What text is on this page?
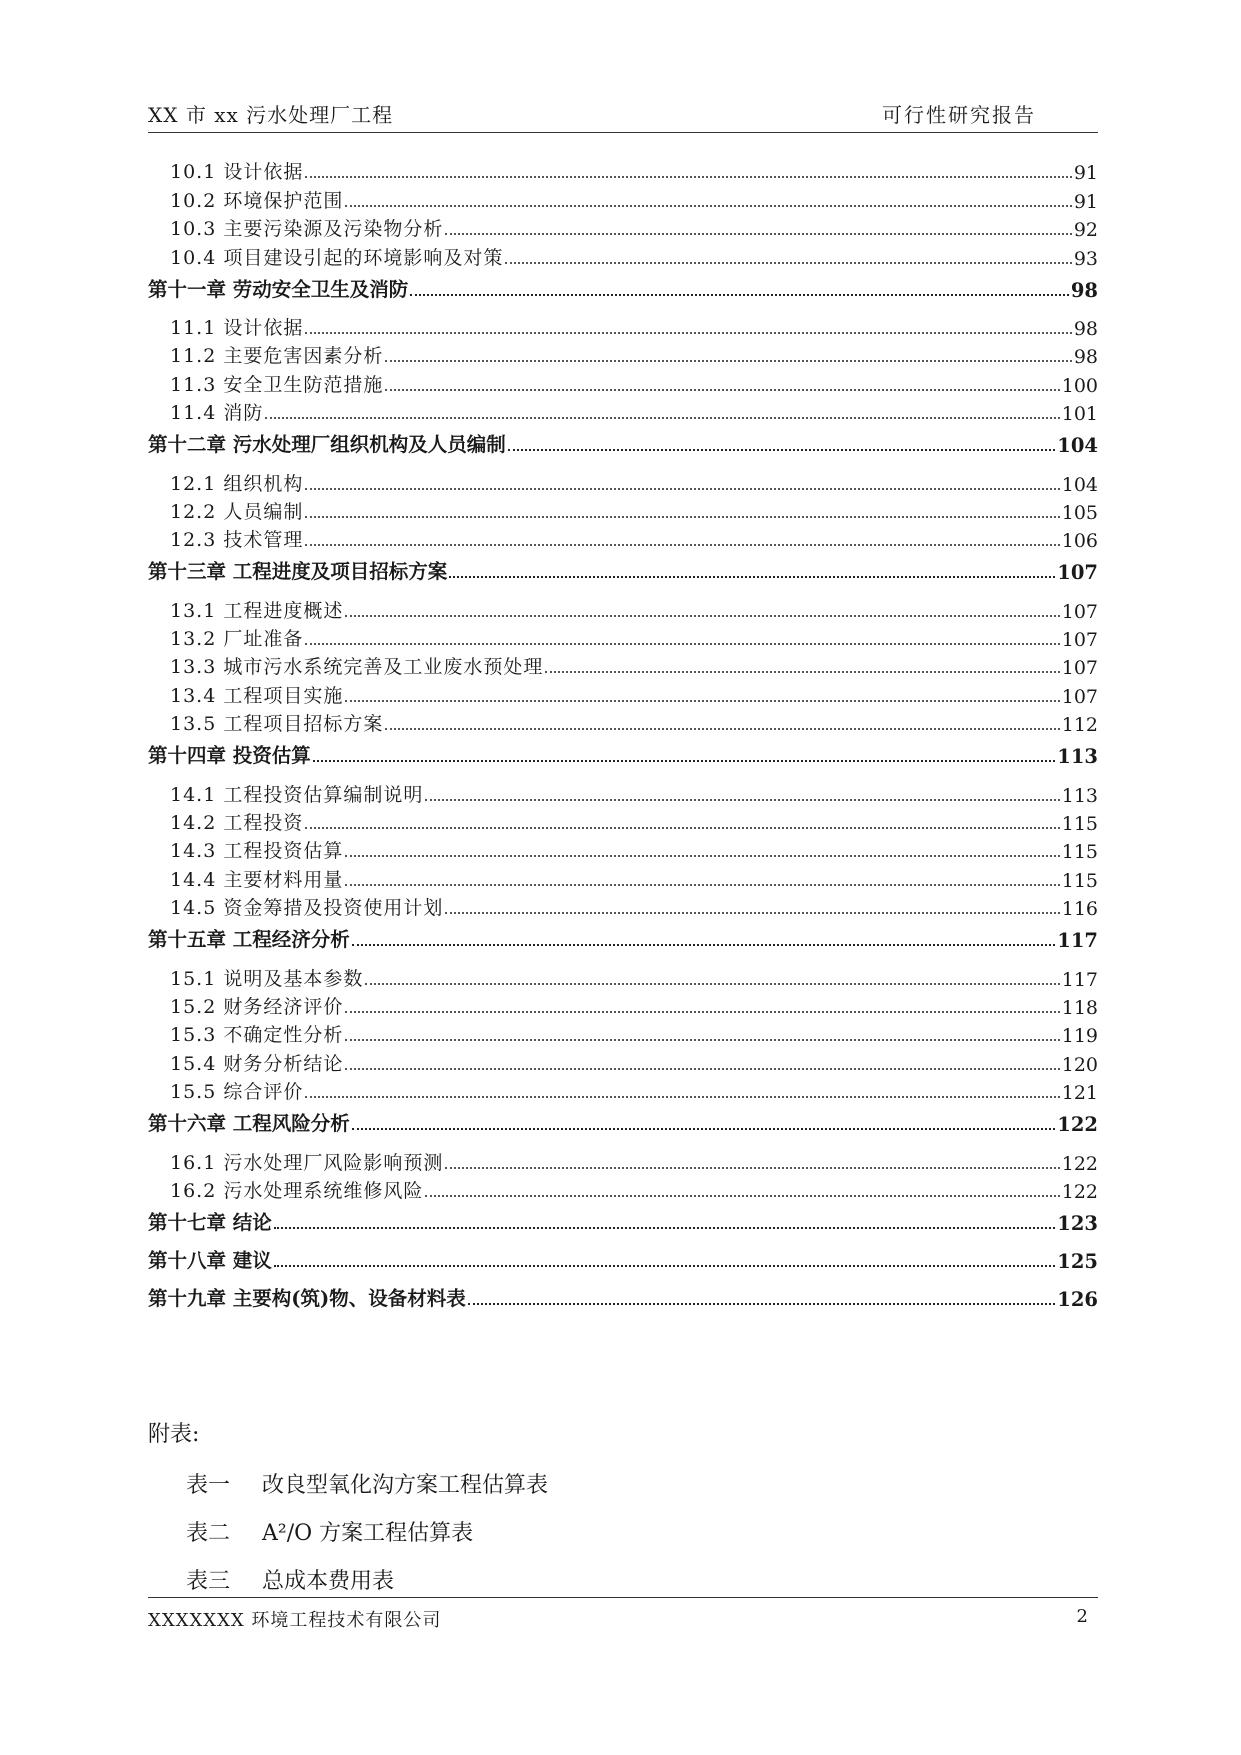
XX 市 xx 污水处理厂工程	可行性研究报告
10.1 设计依据	91
10.2 环境保护范围	91
10.3 主要污染源及污染物分析	92
10.4 项目建设引起的环境影响及对策	93
第十一章 劳动安全卫生及消防	98
11.1 设计依据	98
11.2 主要危害因素分析	98
11.3 安全卫生防范措施	100
11.4 消防	101
第十二章 污水处理厂组织机构及人员编制	104
12.1 组织机构	104
12.2 人员编制	105
12.3 技术管理	106
第十三章 工程进度及项目招标方案	107
13.1 工程进度概述	107
13.2 厂址准备	107
13.3 城市污水系统完善及工业废水预处理	107
13.4 工程项目实施	107
13.5 工程项目招标方案	112
第十四章 投资估算	113
14.1 工程投资估算编制说明	113
14.2 工程投资	115
14.3 工程投资估算	115
14.4 主要材料用量	115
14.5 资金筹措及投资使用计划	116
第十五章 工程经济分析	117
15.1 说明及基本参数	117
15.2 财务经济评价	118
15.3 不确定性分析	119
15.4 财务分析结论	120
15.5 综合评价	121
第十六章 工程风险分析	122
16.1 污水处理厂风险影响预测	122
16.2 污水处理系统维修风险	122
第十七章 结论	123
第十八章 建议	125
第十九章 主要构(筑)物、设备材料表	126
附表:
表一 改良型氧化沟方案工程估算表
表二 A²/O 方案工程估算表
表三 总成本费用表
XXXXXXX 环境工程技术有限公司	2
